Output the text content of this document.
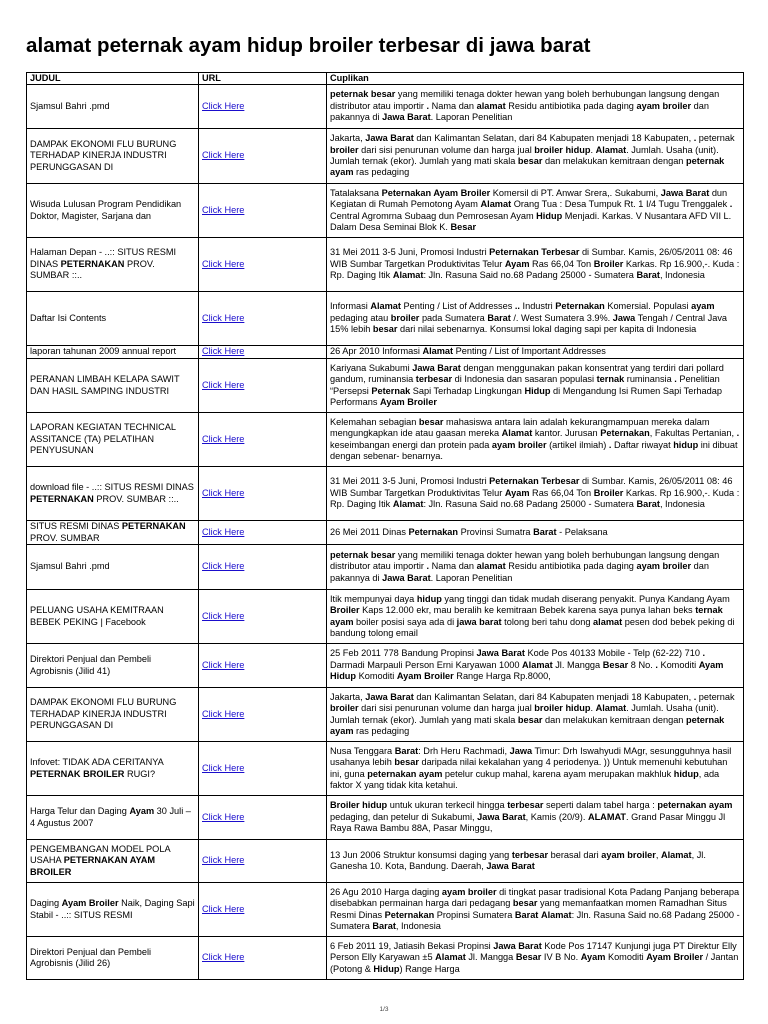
alamat peternak ayam hidup broiler terbesar di jawa barat
JUDUL	URL	Cuplikan
Sjamsul Bahri .pmd	Click Here	peternak besar yang memiliki tenaga dokter hewan yang boleh berhubungan langsung dengan distributor atau importir . Nama dan alamat Residu antibiotika pada daging ayam broiler dan pakannya di Jawa Barat. Laporan Penelitian
DAMPAK EKONOMI FLU BURUNG TERHADAP KINERJA INDUSTRI PERUNGGASAN DI	Click Here	Jakarta, Jawa Barat dan Kalimantan Selatan, dari 84 Kabupaten menjadi 18 Kabupaten, . peternak broiler dari sisi penurunan volume dan harga jual broiler hidup. Alamat. Jumlah. Usaha (unit). Jumlah ternak (ekor). Jumlah yang mati skala besar dan melakukan kemitraan dengan peternak ayam ras pedaging
Wisuda Lulusan Program Pendidikan Doktor, Magister, Sarjana dan	Click Here	Tatalaksana Peternakan Ayam Broiler Komersil di PT. Anwar Srera,. Sukabumi, Jawa Barat dun Kegiatan di Rumah Pemotong Ayam Alamat Orang Tua : Desa Tumpuk Rt. 1 I/4 Tugu Trenggalek . Central Agromrna Subaag dun Pemrosesan Ayam Hidup Menjadi. Karkas. V Nusantara AFD VII L. Dalam Desa Seminai Blok K. Besar
Halaman Depan - ..:: SITUS RESMI DINAS PETERNAKAN PROV. SUMBAR ::..	Click Here	31 Mei 2011 3-5 Juni, Promosi Industri Peternakan Terbesar di Sumbar. Kamis, 26/05/2011 08: 46 WIB Sumbar Targetkan Produktivitas Telur Ayam Ras 66,04 Ton Broiler Karkas. Rp 16.900,-. Kuda : Rp. Daging Itik Alamat: Jln. Rasuna Said no.68 Padang 25000 - Sumatera Barat, Indonesia
Daftar Isi Contents	Click Here	Informasi Alamat Penting / List of Addresses .. Industri Peternakan Komersial. Populasi ayam pedaging atau broiler pada Sumatera Barat /. West Sumatera 3.9%. Jawa Tengah / Central Java 15% lebih besar dari nilai sebenarnya. Konsumsi lokal daging sapi per kapita di Indonesia
laporan tahunan 2009 annual report	Click Here	26 Apr 2010 Informasi Alamat Penting / List of Important Addresses
PERANAN LIMBAH KELAPA SAWIT DAN HASIL SAMPING INDUSTRI	Click Here	Kariyana Sukabumi Jawa Barat dengan menggunakan pakan konsentrat yang terdiri dari pollard gandum, ruminansia terbesar di Indonesia dan sasaran populasi ternak ruminansia . Penelitian “Persepsi Peternak Sapi Terhadap Lingkungan Hidup di Mengandung Isi Rumen Sapi Terhadap Performans Ayam Broiler
LAPORAN KEGIATAN TECHNICAL ASSITANCE (TA) PELATIHAN PENYUSUNAN	Click Here	Kelemahan sebagian besar mahasiswa antara lain adalah kekurangmampuan mereka dalam mengungkapkan ide atau gaasan mereka Alamat kantor. Jurusan Peternakan, Fakultas Pertanian, . keseimbangan energi dan protein pada ayam broiler (artikel ilmiah) . Daftar riwayat hidup ini dibuat dengan sebenar- benarnya.
download file - ..:: SITUS RESMI DINAS PETERNAKAN PROV. SUMBAR ::..	Click Here	31 Mei 2011 3-5 Juni, Promosi Industri Peternakan Terbesar di Sumbar. Kamis, 26/05/2011 08: 46 WIB Sumbar Targetkan Produktivitas Telur Ayam Ras 66,04 Ton Broiler Karkas. Rp 16.900,-. Kuda : Rp. Daging Itik Alamat: Jln. Rasuna Said no.68 Padang 25000 - Sumatera Barat, Indonesia
SITUS RESMI DINAS PETERNAKAN PROV. SUMBAR	Click Here	26 Mei 2011 Dinas Peternakan Provinsi Sumatra Barat - Pelaksana
Sjamsul Bahri .pmd	Click Here	peternak besar yang memiliki tenaga dokter hewan yang boleh berhubungan langsung dengan distributor atau importir . Nama dan alamat Residu antibiotika pada daging ayam broiler dan pakannya di Jawa Barat. Laporan Penelitian
PELUANG USAHA KEMITRAAN BEBEK PEKING | Facebook	Click Here	Itik mempunyai daya hidup yang tinggi dan tidak mudah diserang penyakit. Punya Kandang Ayam Broiler Kaps 12.000 ekr, mau beralih ke kemitraan Bebek karena saya punya lahan beks ternak ayam boiler posisi saya ada di jawa barat tolong beri tahu dong alamat pesen dod bebek peking di bandung tolong email
Direktori Penjual dan Pembeli Agrobisnis (Jilid 41)	Click Here	25 Feb 2011 778 Bandung Propinsi Jawa Barat Kode Pos 40133 Mobile - Telp (62-22) 710 . Darmadi Marpauli Person Erni Karyawan 1000 Alamat Jl. Mangga Besar 8 No. . Komoditi Ayam Hidup Komoditi Ayam Broiler Range Harga Rp.8000,
DAMPAK EKONOMI FLU BURUNG TERHADAP KINERJA INDUSTRI PERUNGGASAN DI	Click Here	Jakarta, Jawa Barat dan Kalimantan Selatan, dari 84 Kabupaten menjadi 18 Kabupaten, . peternak broiler dari sisi penurunan volume dan harga jual broiler hidup. Alamat. Jumlah. Usaha (unit). Jumlah ternak (ekor). Jumlah yang mati skala besar dan melakukan kemitraan dengan peternak ayam ras pedaging
Infovet: TIDAK ADA CERITANYA PETERNAK BROILER RUGI?	Click Here	Nusa Tenggara Barat: Drh Heru Rachmadi, Jawa Timur: Drh Iswahyudi MAgr, sesungguhnya hasil usahanya lebih besar daripada nilai kekalahan yang 4 periodenya. )) Untuk memenuhi kebutuhan ini, guna peternakan ayam petelur cukup mahal, karena ayam merupakan makhluk hidup, ada faktor X yang tidak kita ketahui.
Harga Telur dan Daging Ayam 30 Juli – 4 Agustus 2007	Click Here	Broiler hidup untuk ukuran terkecil hingga terbesar seperti dalam tabel harga : peternakan ayam pedaging, dan petelur di Sukabumi, Jawa Barat, Kamis (20/9). ALAMAT. Grand Pasar Minggu Jl Raya Rawa Bambu 88A, Pasar Minggu,
PENGEMBANGAN MODEL POLA USAHA PETERNAKAN AYAM BROILER	Click Here	13 Jun 2006 Struktur konsumsi daging yang terbesar berasal dari ayam broiler, Alamat, Jl. Ganesha 10. Kota, Bandung. Daerah, Jawa Barat
Daging Ayam Broiler Naik, Daging Sapi Stabil - ..:: SITUS RESMI	Click Here	26 Agu 2010 Harga daging ayam broiler di tingkat pasar tradisional Kota Padang Panjang beberapa disebabkan permainan harga dari pedagang besar yang memanfaatkan momen Ramadhan Situs Resmi Dinas Peternakan Propinsi Sumatera Barat Alamat: Jln. Rasuna Said no.68 Padang 25000 - Sumatera Barat, Indonesia
Direktori Penjual dan Pembeli Agrobisnis (Jilid 26)	Click Here	6 Feb 2011 19, Jatiasih Bekasi Propinsi Jawa Barat Kode Pos 17147 Kunjungi juga PT Direktur Elly Person Elly Karyawan ±5 Alamat Jl. Mangga Besar IV B No. Ayam Komoditi Ayam Broiler / Jantan (Potong & Hidup) Range Harga
1/3
